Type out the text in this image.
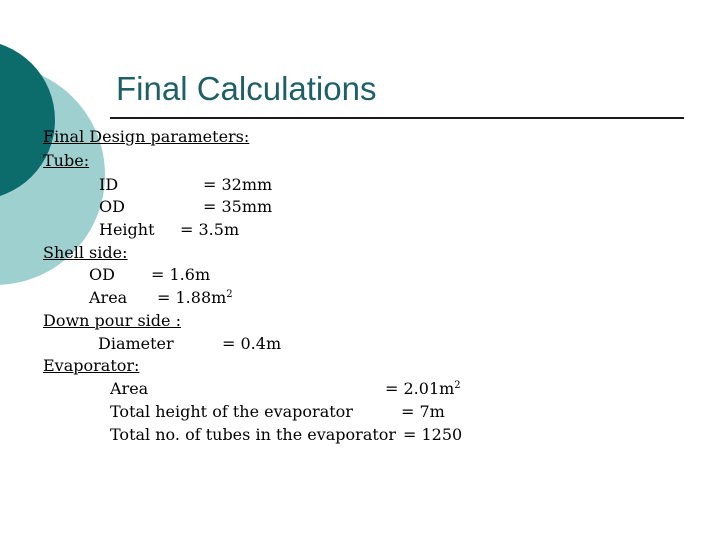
Final Calculations
Final Design parameters:
Tube:
ID	= 32mm
OD	= 35mm
Height = 3.5m
Shell side:
OD = 1.6m
Area = $1.88m^2$
Down pour side :
Diameter	= 0.4m
Evaporator:
Area	= $2.01m^2$
Total height of the evaporator	= 7m
Total no. of tubes in the evaporator = 1250
